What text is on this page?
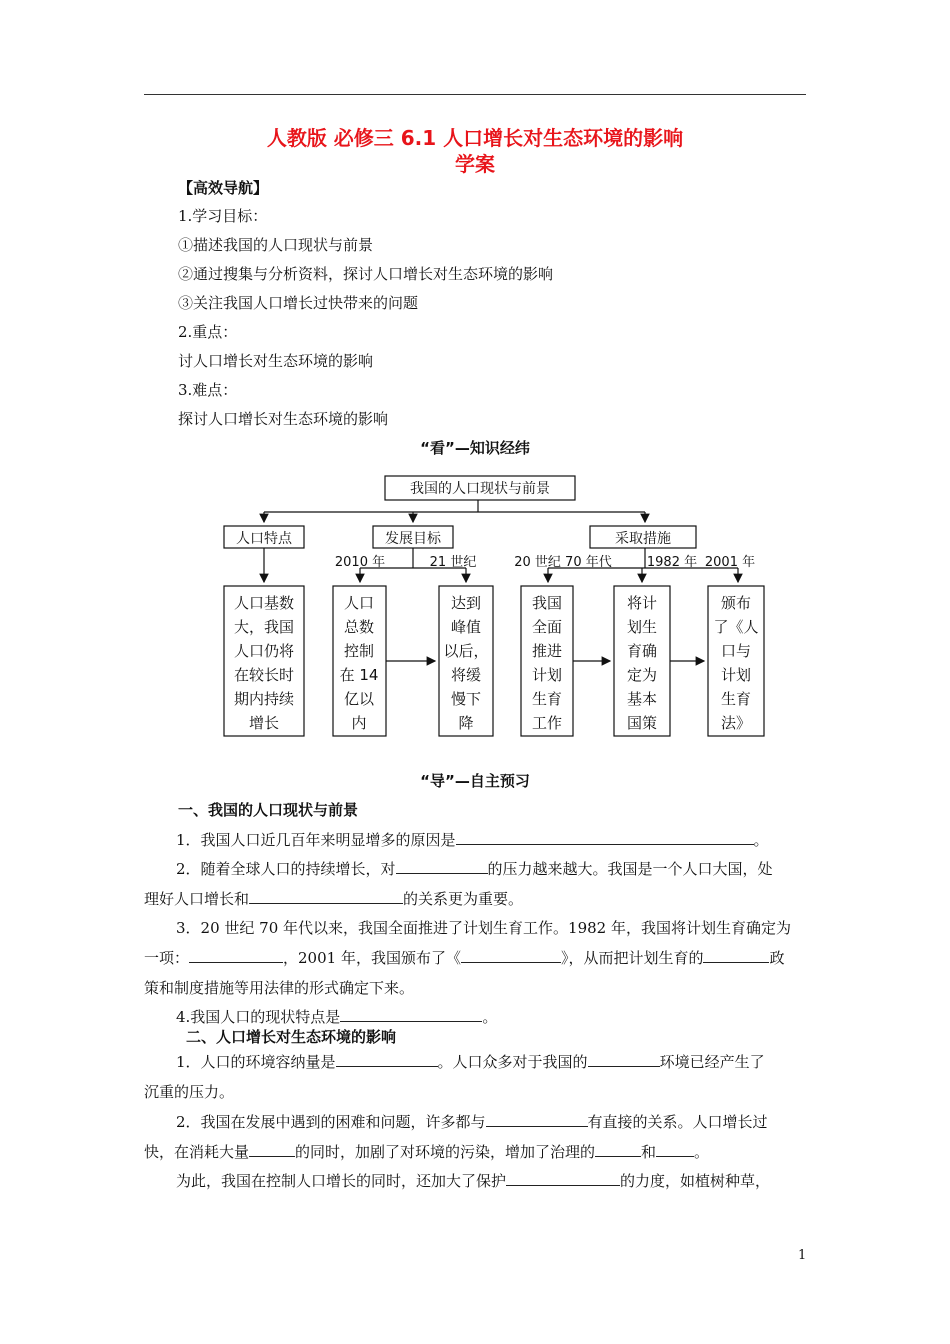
人教版 必修三 6.1 人口增长对生态环境的影响
学案
【高效导航】
1.学习目标：
①描述我国的人口现状与前景
②通过搜集与分析资料，探讨人口增长对生态环境的影响
③关注我国人口增长过快带来的问题
2.重点：
讨人口增长对生态环境的影响
3.难点：
探讨人口增长对生态环境的影响
“看”—知识经纬
我国的人口现状与前景
人口特点	发展目标	采取措施
2010 年	21 世纪	20 世纪 70 年代	1982 年 2001 年
人口基数
大，我国
人口仍将
在较长时
期内持续
增长
人口
总数
控制
在 14
亿以
内
达到
峰值
以后，
将缓
慢下
降
我国
全面
推进
计划
生育
工作
将计
划生
育确
定为
基本
国策
颁布
了《人
口与
计划
生育
法》
“导”—自主预习
一、我国的人口现状与前景
1．我国人口近几百年来明显增多的原因是	。
2．随着全球人口的持续增长，对	的压力越来越大。我国是一个人口大国，处
理好人口增长和	的关系更为重要。
3．20 世纪 70 年代以来，我国全面推进了计划生育工作。1982 年，我国将计划生育确定为
一项：	，2001 年，我国颁布了《	》，从而把计划生育的	政
策和制度措施等用法律的形式确定下来。
4.我国人口的现状特点是	。
二、人口增长对生态环境的影响
1．人口的环境容纳量是	。人口众多对于我国的	环境已经产生了
沉重的压力。
2．我国在发展中遇到的困难和问题，许多都与	有直接的关系。人口增长过
快，在消耗大量	的同时，加剧了对环境的污染，增加了治理的	和	。
为此，我国在控制人口增长的同时，还加大了保护	的力度，如植树种草，
1
